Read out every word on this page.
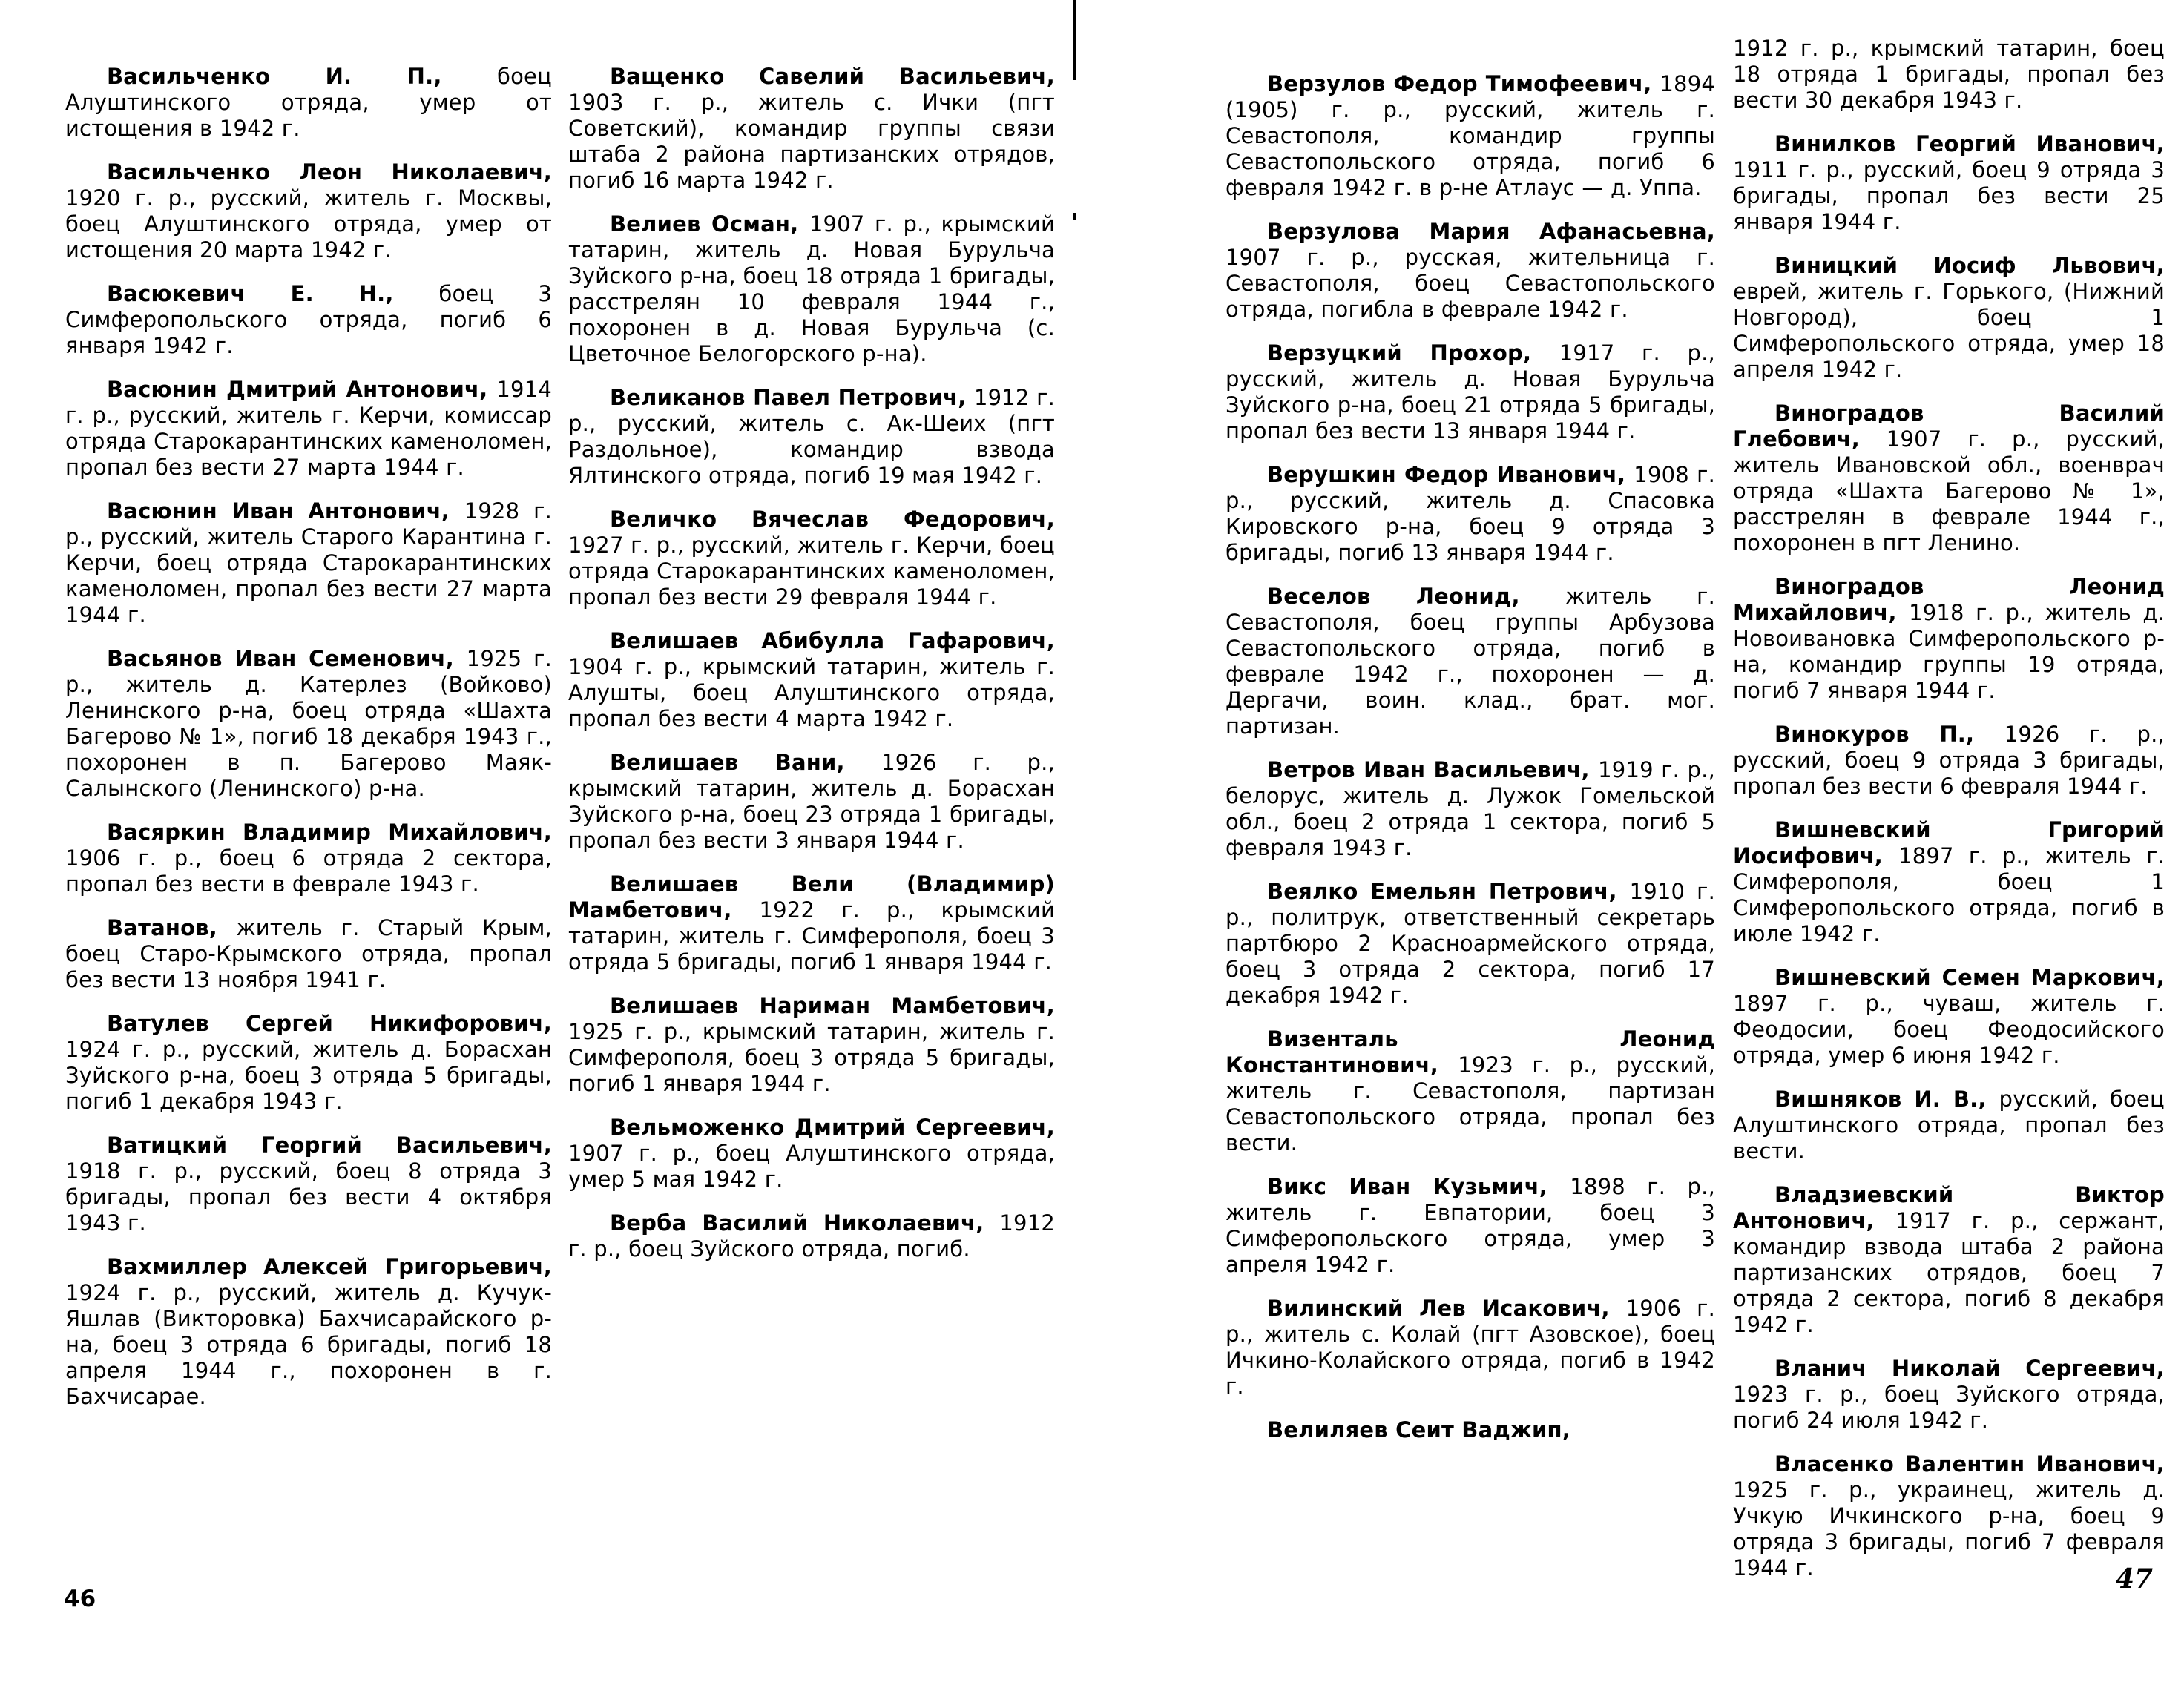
Васильченко И. П., боец Алуштинского отряда, умер от истощения в 1942 г.

Васильченко Леон Николаевич, 1920 г. р., русский, житель г. Москвы, боец Алуштинского отряда, умер от истощения 20 марта 1942 г.

Васюкевич Е. Н., боец 3 Симферопольского отряда, погиб 6 января 1942 г.

Васюнин Дмитрий Антонович, 1914 г. р., русский, житель г. Керчи, комиссар отряда Старокарантинских каменоломен, пропал без вести 27 марта 1944 г.

Васюнин Иван Антонович, 1928 г. р., русский, житель Старого Карантина г. Керчи, боец отряда Старокарантинских каменоломен, пропал без вести 27 марта 1944 г.

Васьянов Иван Семенович, 1925 г. р., житель д. Катерлез (Войково) Ленинского р-на, боец отряда «Шахта Багерово № 1», погиб 18 декабря 1943 г., похоронен в п. Багерово Маяк-Салынского (Ленинского) р-на.

Васяркин Владимир Михайлович, 1906 г. р., боец 6 отряда 2 сектора, пропал без вести в феврале 1943 г.

Ватанов, житель г. Старый Крым, боец Старо-Крымского отряда, пропал без вести 13 ноября 1941 г.

Ватулев Сергей Никифорович, 1924 г. р., русский, житель д. Борасхан Зуйского р-на, боец 3 отряда 5 бригады, погиб 1 декабря 1943 г.

Ватицкий Георгий Васильевич, 1918 г. р., русский, боец 8 отряда 3 бригады, пропал без вести 4 октября 1943 г.

Вахмиллер Алексей Григорьевич, 1924 г. р., русский, житель д. Кучук-Яшлав (Викторовка) Бахчисарайского р-на, боец 3 отряда 6 бригады, погиб 18 апреля 1944 г., похоронен в г. Бахчисарае.

Ващенко Савелий Васильевич, 1903 г. р., житель с. Ички (пгт Советский), командир группы связи штаба 2 района партизанских отрядов, погиб 16 марта 1942 г.

Велиев Осман, 1907 г. р., крымский татарин, житель д. Новая Бурульча Зуйского р-на, боец 18 отряда 1 бригады, расстрелян 10 февраля 1944 г., похоронен в д. Новая Бурульча (с. Цветочное Белогорского р-на).

Великанов Павел Петрович, 1912 г. р., русский, житель с. Ак-Шеих (пгт Раздольное), командир взвода Ялтинского отряда, погиб 19 мая 1942 г.

Величко Вячеслав Федорович, 1927 г. р., русский, житель г. Керчи, боец отряда Старокарантинских каменоломен, пропал без вести 29 февраля 1944 г.

Велишаев Абибулла Гафарович, 1904 г. р., крымский татарин, житель г. Алушты, боец Алуштинского отряда, пропал без вести 4 марта 1942 г.

Велишаев Вани, 1926 г. р., крымский татарин, житель д. Борасхан Зуйского р-на, боец 23 отряда 1 бригады, пропал без вести 3 января 1944 г.

Велишаев Вели (Владимир) Мамбетович, 1922 г. р., крымский татарин, житель г. Симферополя, боец 3 отряда 5 бригады, погиб 1 января 1944 г.

Велишаев Нариман Мамбетович, 1925 г. р., крымский татарин, житель г. Симферополя, боец 3 отряда 5 бригады, погиб 1 января 1944 г.

Вельможенко Дмитрий Сергеевич, 1907 г. р., боец Алуштинского отряда, умер 5 мая 1942 г.

Верба Василий Николаевич, 1912 г. р., боец Зуйского отряда, погиб.

Верзулов Федор Тимофеевич, 1894 (1905) г. р., русский, житель г. Севастополя, командир группы Севастопольского отряда, погиб 6 февраля 1942 г. в р-не Атлаус — д. Уппа.

Верзулова Мария Афанасьевна, 1907 г. р., русская, жительница г. Севастополя, боец Севастопольского отряда, погибла в феврале 1942 г.

Верзуцкий Прохор, 1917 г. р., русский, житель д. Новая Бурульча Зуйского р-на, боец 21 отряда 5 бригады, пропал без вести 13 января 1944 г.

Верушкин Федор Иванович, 1908 г. р., русский, житель д. Спасовка Кировского р-на, боец 9 отряда 3 бригады, погиб 13 января 1944 г.

Веселов Леонид, житель г. Севастополя, боец группы Арбузова Севастопольского отряда, погиб в феврале 1942 г., похоронен — д. Дергачи, воин. клад., брат. мог. партизан.

Ветров Иван Васильевич, 1919 г. р., белорус, житель д. Лужок Гомельской обл., боец 2 отряда 1 сектора, погиб 5 февраля 1943 г.

Веялко Емельян Петрович, 1910 г. р., политрук, ответственный секретарь партбюро 2 Красноармейского отряда, боец 3 отряда 2 сектора, погиб 17 декабря 1942 г.

Визенталь Леонид Константинович, 1923 г. р., русский, житель г. Севастополя, партизан Севастопольского отряда, пропал без вести.

Викс Иван Кузьмич, 1898 г. р., житель г. Евпатории, боец 3 Симферопольского отряда, умер 3 апреля 1942 г.

Вилинский Лев Исакович, 1906 г. р., житель с. Колай (пгт Азовское), боец Ичкино-Колайского отряда, погиб в 1942 г.

Велиляев Сеит Ваджип,

1912 г. р., крымский татарин, боец 18 отряда 1 бригады, пропал без вести 30 декабря 1943 г.

Винилков Георгий Иванович, 1911 г. р., русский, боец 9 отряда 3 бригады, пропал без вести 25 января 1944 г.

Виницкий Иосиф Львович, еврей, житель г. Горького, (Нижний Новгород), боец 1 Симферопольского отряда, умер 18 апреля 1942 г.

Виноградов Василий Глебович, 1907 г. р., русский, житель Ивановской обл., военврач отряда «Шахта Багерово № 1», расстрелян в феврале 1944 г., похоронен в пгт Ленино.

Виноградов Леонид Михайлович, 1918 г. р., житель д. Новоивановка Симферопольского р-на, командир группы 19 отряда, погиб 7 января 1944 г.

Винокуров П., 1926 г. р., русский, боец 9 отряда 3 бригады, пропал без вести 6 февраля 1944 г.

Вишневский Григорий Иосифович, 1897 г. р., житель г. Симферополя, боец 1 Симферопольского отряда, погиб в июле 1942 г.

Вишневский Семен Маркович, 1897 г. р., чуваш, житель г. Феодосии, боец Феодосийского отряда, умер 6 июня 1942 г.

Вишняков И. В., русский, боец Алуштинского отряда, пропал без вести.

Владзиевский Виктор Антонович, 1917 г. р., сержант, командир взвода штаба 2 района партизанских отрядов, боец 7 отряда 2 сектора, погиб 8 декабря 1942 г.

Вланич Николай Сергеевич, 1923 г. р., боец Зуйского отряда, погиб 24 июля 1942 г.

Власенко Валентин Иванович, 1925 г. р., украинец, житель д. Учкую Ичкинского р-на, боец 9 отряда 3 бригады, погиб 7 февраля 1944 г.

46
47
